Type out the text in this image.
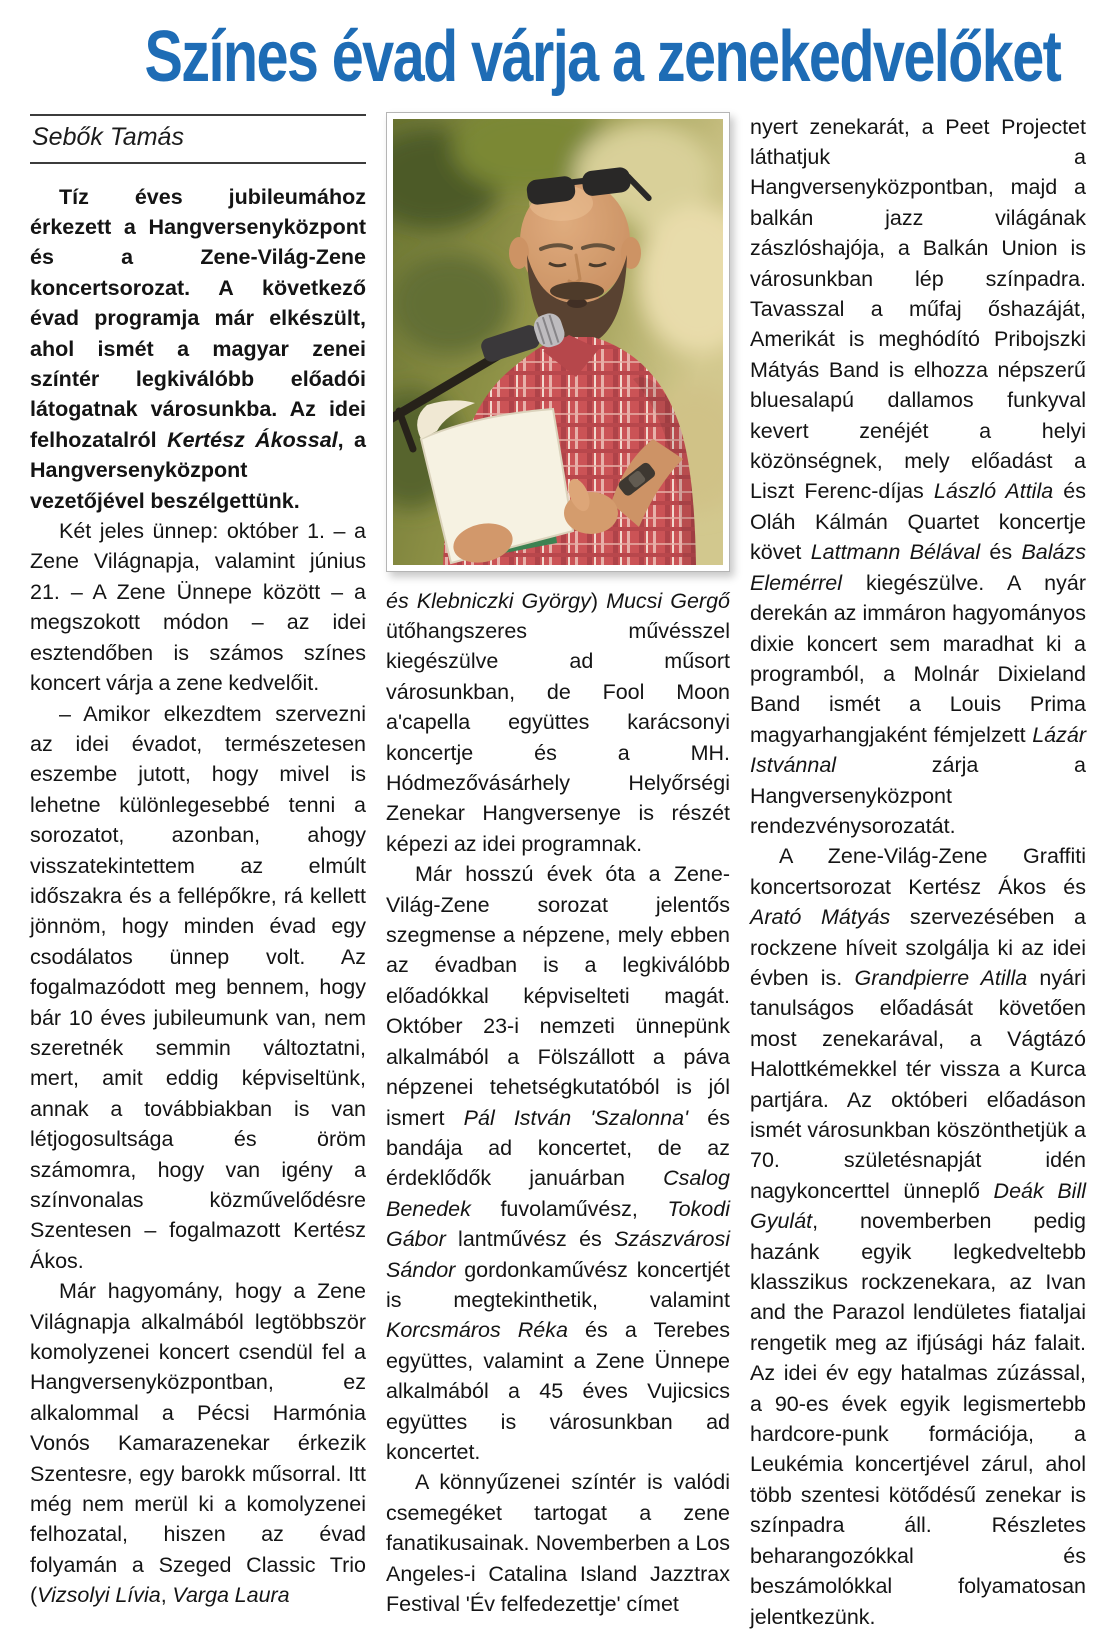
Színes évad várja a zenekedvelőket
Sebők Tamás

Tíz éves jubileumához érkezett a Hangversenyközpont és a Zene-Világ-Zene koncertsorozat. A következő évad programja már elkészült, ahol ismét a magyar zenei színtér legkiválóbb előadói látogatnak városunkba. Az idei felhozatalról Kertész Ákossal, a Hangversenyközpont vezetőjével beszélgettünk.

Két jeles ünnep: október 1. – a Zene Világnapja, valamint június 21. – A Zene Ünnepe között – a megszokott módon – az idei esztendőben is számos színes koncert várja a zene kedvelőit.

– Amikor elkezdtem szervezni az idei évadot, természetesen eszembe jutott, hogy mivel is lehetne különlegesebbé tenni a sorozatot, azonban, ahogy visszatekintettem az elmúlt időszakra és a fellépőkre, rá kellett jönnöm, hogy minden évad egy csodálatos ünnep volt. Az fogalmazódott meg bennem, hogy bár 10 éves jubileumunk van, nem szeretnék semmin változtatni, mert, amit eddig képviseltünk, annak a továbbiakban is van létjogosultsága és öröm számomra, hogy van igény a színvonalas közművelődésre Szentesen – fogalmazott Kertész Ákos.

Már hagyomány, hogy a Zene Világnapja alkalmából legtöbbször komolyzenei koncert csendül fel a Hangversenyközpontban, ez alkalommal a Pécsi Harmónia Vonós Kamarazenekar érkezik Szentesre, egy barokk műsorral. Itt még nem merül ki a komolyzenei felhozatal, hiszen az évad folyamán a Szeged Classic Trio (Vizsolyi Lívia, Varga Laura

és Klebniczki György) Mucsi Gergő ütőhangszeres művésszel kiegészülve ad műsort városunkban, de Fool Moon a'capella együttes karácsonyi koncertje és a MH. Hódmezővásárhely Helyőrségi Zenekar Hangversenye is részét képezi az idei programnak.

Már hosszú évek óta a Zene-Világ-Zene sorozat jelentős szegmense a népzene, mely ebben az évadban is a legkiválóbb előadókkal képviselteti magát. Október 23-i nemzeti ünnepünk alkalmából a Fölszállott a páva népzenei tehetségkutatóból is jól ismert Pál István 'Szalonna' és bandája ad koncertet, de az érdeklődők januárban Csalog Benedek fuvolaművész, Tokodi Gábor lantművész és Szászvárosi Sándor gordonkaművész koncertjét is megtekinthetik, valamint Korcsmáros Réka és a Terebes együttes, valamint a Zene Ünnepe alkalmából a 45 éves Vujicsics együttes is városunkban ad koncertet.

A könnyűzenei színtér is valódi csemegéket tartogat a zene fanatikusainak. Novemberben a Los Angeles-i Catalina Island Jazztrax Festival 'Év felfedezettje' címet

nyert zenekarát, a Peet Projectet láthatjuk a Hangversenyközpontban, majd a balkán jazz világának zászlóshajója, a Balkán Union is városunkban lép színpadra. Tavasszal a műfaj őshazáját, Amerikát is meghódító Pribojszki Mátyás Band is elhozza népszerű bluesalapú dallamos funkyval kevert zenéjét a helyi közönségnek, mely előadást a Liszt Ferenc-díjas László Attila és Oláh Kálmán Quartet koncertje követ Lattmann Bélával és Balázs Elemérrel kiegészülve. A nyár derekán az immáron hagyományos dixie koncert sem maradhat ki a programból, a Molnár Dixieland Band ismét a Louis Prima magyarhangjaként fémjelzett Lázár Istvánnal zárja a Hangversenyközpont rendezvénysorozatát.

A Zene-Világ-Zene Graffiti koncertsorozat Kertész Ákos és Arató Mátyás szervezésében a rockzene híveit szolgálja ki az idei évben is. Grandpierre Atilla nyári tanulságos előadását követően most zenekarával, a Vágtázó Halottkémekkel tér vissza a Kurca partjára. Az októberi előadáson ismét városunkban köszönthetjük a 70. születésnapját idén nagykoncerttel ünneplő Deák Bill Gyulát, novemberben pedig hazánk egyik legkedveltebb klasszikus rockzenekara, az Ivan and the Parazol lendületes fiataljai rengetik meg az ifjúsági ház falait. Az idei év egy hatalmas zúzással, a 90-es évek egyik legismertebb hardcore-punk formációja, a Leukémia koncertjével zárul, ahol több szentesi kötődésű zenekar is színpadra áll. Részletes beharangozókkal és beszámolókkal folyamatosan jelentkezünk.
